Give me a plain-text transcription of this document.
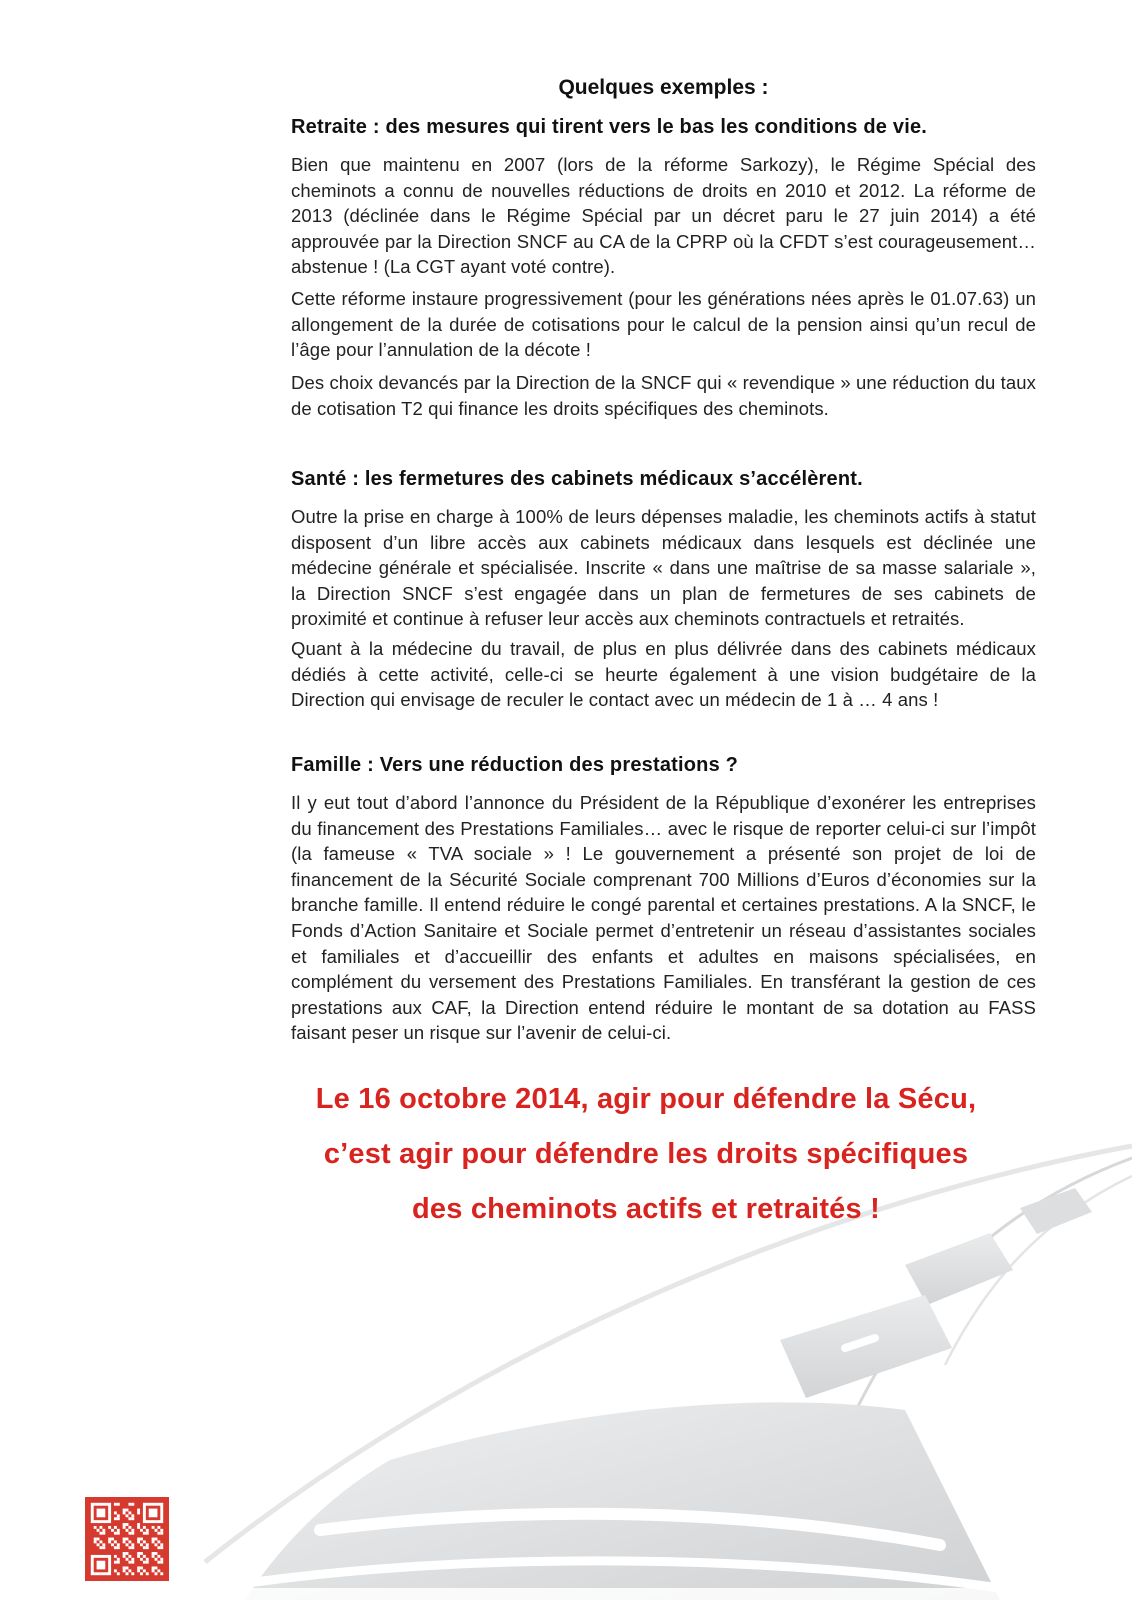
Quelques exemples :
Retraite : des mesures qui tirent vers le bas les conditions de vie.
Bien que maintenu en 2007 (lors de la réforme Sarkozy), le Régime Spécial des cheminots a connu de nouvelles réductions de droits en 2010 et 2012. La réforme de 2013 (déclinée dans le Régime Spécial par un décret paru le 27 juin 2014) a été approuvée par la Direction SNCF au CA de la CPRP où la CFDT s’est courageusement… abstenue ! (La CGT ayant voté contre).
Cette réforme instaure progressivement (pour les générations nées après le 01.07.63) un allongement de la durée de cotisations pour le calcul de la pension ainsi qu’un recul de l’âge pour l’annulation de la décote !
Des choix devancés par la Direction de la SNCF qui « revendique » une réduction du taux de cotisation T2 qui finance les droits spécifiques des cheminots.
Santé : les fermetures des cabinets médicaux s’accélèrent.
Outre la prise en charge à 100% de leurs dépenses maladie, les cheminots actifs à statut disposent d’un libre accès aux cabinets médicaux dans lesquels est déclinée une médecine générale et spécialisée. Inscrite « dans une maîtrise de sa masse salariale », la Direction SNCF s’est engagée dans un plan de fermetures de ses cabinets de proximité et continue à refuser leur accès aux cheminots contractuels et retraités.
Quant à la médecine du travail, de plus en plus délivrée dans des cabinets médicaux dédiés à cette activité, celle-ci se heurte également à une vision budgétaire de la Direction qui envisage de reculer le contact avec un médecin de 1 à … 4 ans !
Famille : Vers une réduction des prestations ?
Il y eut tout d’abord l’annonce du Président de la République d’exonérer les entreprises du financement des Prestations Familiales… avec le risque de reporter celui-ci sur l’impôt (la fameuse « TVA sociale » ! Le gouvernement a présenté son projet de loi de financement de la Sécurité Sociale comprenant 700 Millions d’Euros d’économies sur la branche famille. Il entend réduire le congé parental et certaines prestations. A la SNCF, le Fonds d’Action Sanitaire et Sociale permet d’entretenir un réseau d’assistantes sociales et familiales et d’accueillir des enfants et adultes en maisons spécialisées, en complément du versement des Prestations Familiales. En transférant la gestion de ces prestations aux CAF, la Direction entend réduire le montant de sa dotation au FASS faisant peser un risque sur l’avenir de celui-ci.
Le 16 octobre 2014, agir pour défendre la Sécu,
c’est agir pour défendre les droits spécifiques
des cheminots actifs et retraités !
